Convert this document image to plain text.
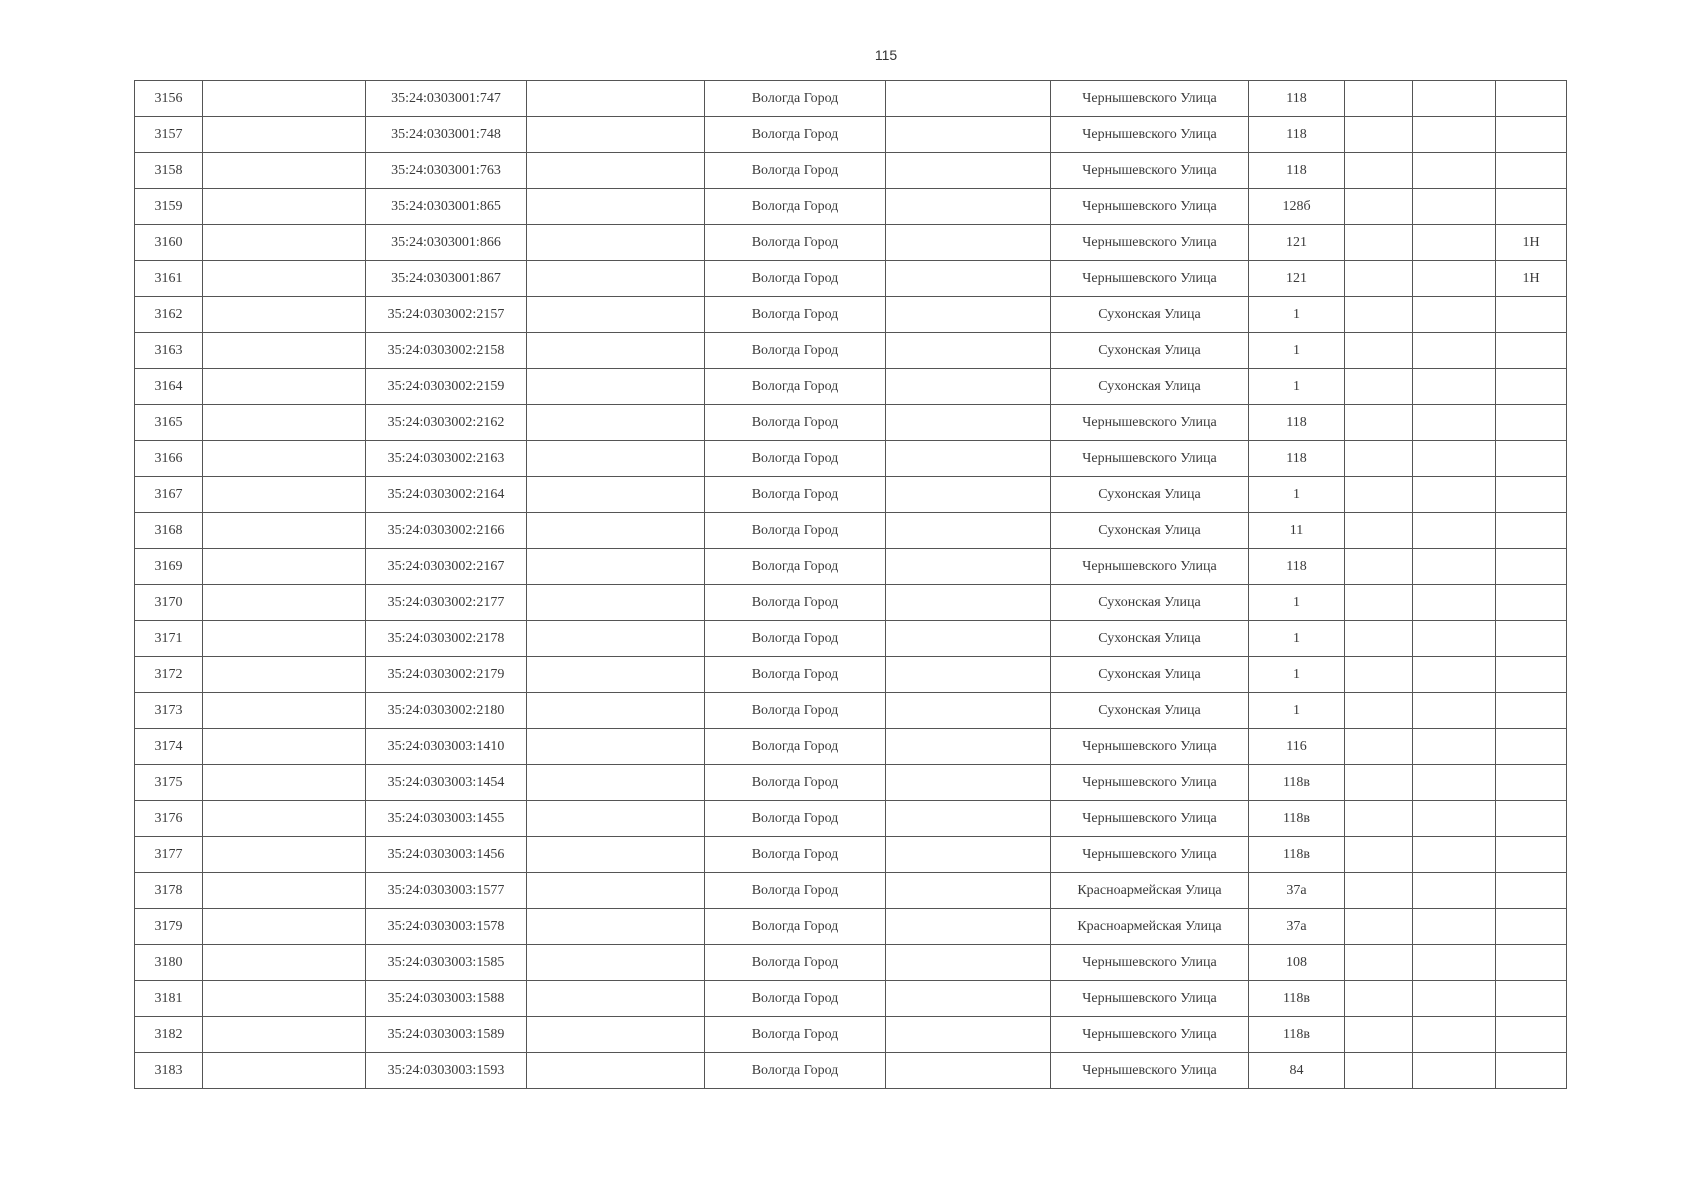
115
3156		35:24:0303001:747		Вологда Город		Чернышевского Улица	118			
3157		35:24:0303001:748		Вологда Город		Чернышевского Улица	118			
3158		35:24:0303001:763		Вологда Город		Чернышевского Улица	118			
3159		35:24:0303001:865		Вологда Город		Чернышевского Улица	128б			
3160		35:24:0303001:866		Вологда Город		Чернышевского Улица	121			1Н
3161		35:24:0303001:867		Вологда Город		Чернышевского Улица	121			1Н
3162		35:24:0303002:2157		Вологда Город		Сухонская Улица	1			
3163		35:24:0303002:2158		Вологда Город		Сухонская Улица	1			
3164		35:24:0303002:2159		Вологда Город		Сухонская Улица	1			
3165		35:24:0303002:2162		Вологда Город		Чернышевского Улица	118			
3166		35:24:0303002:2163		Вологда Город		Чернышевского Улица	118			
3167		35:24:0303002:2164		Вологда Город		Сухонская Улица	1			
3168		35:24:0303002:2166		Вологда Город		Сухонская Улица	11			
3169		35:24:0303002:2167		Вологда Город		Чернышевского Улица	118			
3170		35:24:0303002:2177		Вологда Город		Сухонская Улица	1			
3171		35:24:0303002:2178		Вологда Город		Сухонская Улица	1			
3172		35:24:0303002:2179		Вологда Город		Сухонская Улица	1			
3173		35:24:0303002:2180		Вологда Город		Сухонская Улица	1			
3174		35:24:0303003:1410		Вологда Город		Чернышевского Улица	116			
3175		35:24:0303003:1454		Вологда Город		Чернышевского Улица	118в			
3176		35:24:0303003:1455		Вологда Город		Чернышевского Улица	118в			
3177		35:24:0303003:1456		Вологда Город		Чернышевского Улица	118в			
3178		35:24:0303003:1577		Вологда Город		Красноармейская Улица	37а			
3179		35:24:0303003:1578		Вологда Город		Красноармейская Улица	37а			
3180		35:24:0303003:1585		Вологда Город		Чернышевского Улица	108			
3181		35:24:0303003:1588		Вологда Город		Чернышевского Улица	118в			
3182		35:24:0303003:1589		Вологда Город		Чернышевского Улица	118в			
3183		35:24:0303003:1593		Вологда Город		Чернышевского Улица	84			
